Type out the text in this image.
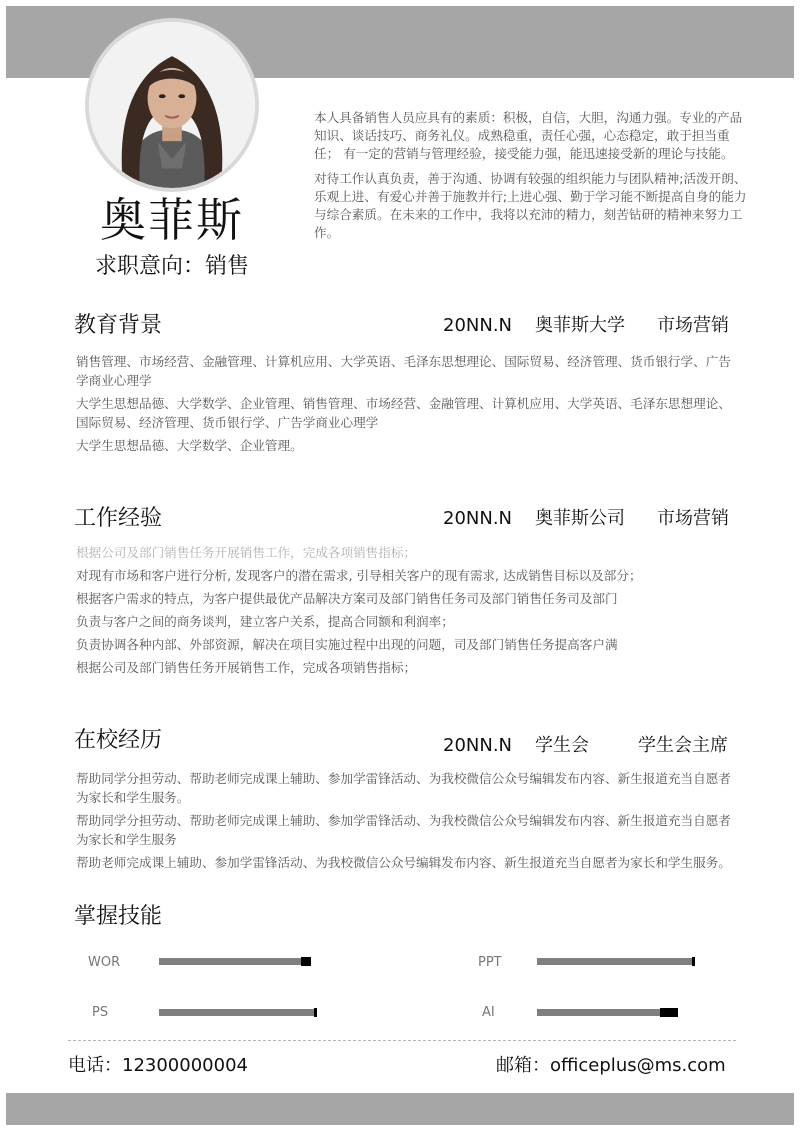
奥菲斯
求职意向：销售

本人具备销售人员应具有的素质：积极，自信，大胆，沟通力强。专业的产品知识、谈话技巧、商务礼仪。成熟稳重，责任心强，心态稳定，敢于担当重任； 有一定的营销与管理经验，接受能力强，能迅速接受新的理论与技能。

对待工作认真负责，善于沟通、协调有较强的组织能力与团队精神;活泼开朗、乐观上进、有爱心并善于施教并行;上进心强、勤于学习能不断提高自身的能力与综合素质。在未来的工作中，我将以充沛的精力，刻苦钻研的精神来努力工作。

教育背景	20NN.N 奥菲斯大学 市场营销

销售管理、市场经营、金融管理、计算机应用、大学英语、毛泽东思想理论、国际贸易、经济管理、货币银行学、广告学商业心理学

大学生思想品德、大学数学、企业管理、销售管理、市场经营、金融管理、计算机应用、大学英语、毛泽东思想理论、国际贸易、经济管理、货币银行学、广告学商业心理学

大学生思想品德、大学数学、企业管理。

工作经验	20NN.N 奥菲斯公司 市场营销

根据公司及部门销售任务开展销售工作，完成各项销售指标；

对现有市场和客户进行分析, 发现客户的潜在需求, 引导相关客户的现有需求, 达成销售目标以及部分；

根据客户需求的特点，为客户提供最优产品解决方案司及部门销售任务司及部门销售任务司及部门

负责与客户之间的商务谈判，建立客户关系，提高合同额和利润率；

负责协调各种内部、外部资源，解决在项目实施过程中出现的问题，司及部门销售任务提高客户满

根据公司及部门销售任务开展销售工作，完成各项销售指标；

在校经历	20NN.N 学生会	学生会主席

帮助同学分担劳动、帮助老师完成课上辅助、参加学雷锋活动、为我校微信公众号编辑发布内容、新生报道充当自愿者为家长和学生服务。

帮助同学分担劳动、帮助老师完成课上辅助、参加学雷锋活动、为我校微信公众号编辑发布内容、新生报道充当自愿者为家长和学生服务

帮助老师完成课上辅助、参加学雷锋活动、为我校微信公众号编辑发布内容、新生报道充当自愿者为家长和学生服务。

掌握技能
WOR	PPT
PS	AI
电话：12300000004	邮箱：officeplus@ms.com
